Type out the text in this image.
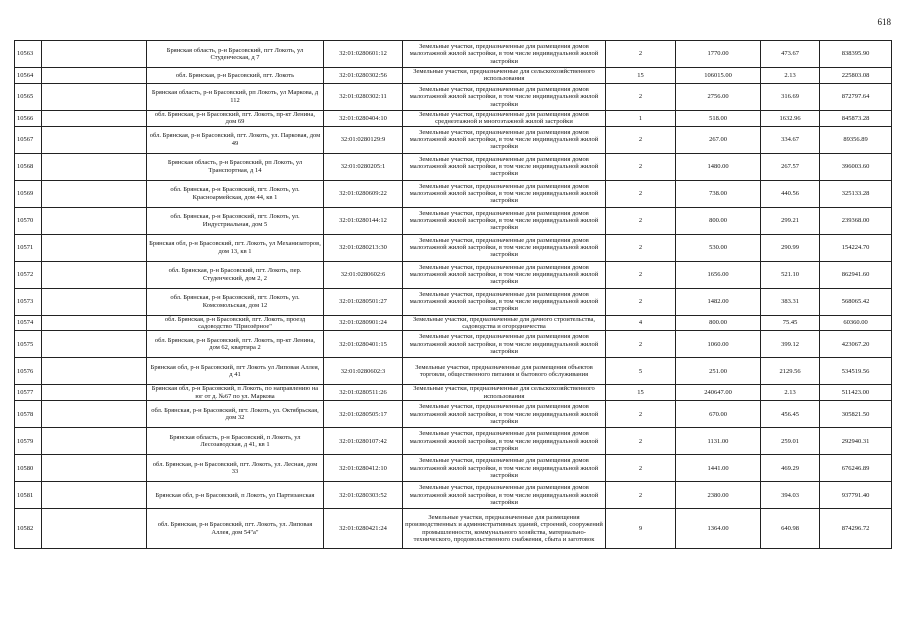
618
10563		Брянская область, р-н Брасовский, пгт Локоть, ул Студенческая, д 7	32:01:0280601:12	Земельные участки, предназначенные для размещения домов малоэтажной жилой застройки, в том числе индивидуальной жилой застройки	2	1770.00	473.67	838395.90
10564		обл. Брянская, р-н Брасовский, пгт. Локоть	32:01:0280302:56	Земельные участки, предназначенные для сельскохозяйственного использования	15	106015.00	2.13	225803.08
10565		Брянская область, р-н Брасовский, рп Локоть, ул Маркова, д 112	32:01:0280302:11	Земельные участки, предназначенные для размещения домов малоэтажной жилой застройки, в том числе индивидуальной жилой застройки	2	2756.00	316.69	872797.64
10566		обл. Брянская, р-н Брасовский, пгт. Локоть, пр-кт Ленина, дом 69	32:01:0280404:10	Земельные участки, предназначенные для размещения домов среднеэтажной и многоэтажной жилой застройки	1	518.00	1632.96	845873.28
10567		обл. Брянская, р-н Брасовский, пгт. Локоть, ул. Парковая, дом 49	32:01:0280129:9	Земельные участки, предназначенные для размещения домов малоэтажной жилой застройки, в том числе индивидуальной жилой застройки	2	267.00	334.67	89356.89
10568		Брянская область, р-н Брасовский, рп Локоть, ул Транспортная, д 14	32:01:0280205:1	Земельные участки, предназначенные для размещения домов малоэтажной жилой застройки, в том числе индивидуальной жилой застройки	2	1480.00	267.57	396003.60
10569		обл. Брянская, р-н Брасовский, пгт. Локоть, ул. Красноармейская, дом 44, кв 1	32:01:0280609:22	Земельные участки, предназначенные для размещения домов малоэтажной жилой застройки, в том числе индивидуальной жилой застройки	2	738.00	440.56	325133.28
10570		обл. Брянская, р-н Брасовский, пгт. Локоть, ул. Индустриальная, дом 5	32:01:0280144:12	Земельные участки, предназначенные для размещения домов малоэтажной жилой застройки, в том числе индивидуальной жилой застройки	2	800.00	299.21	239368.00
10571		Брянская обл, р-н Брасовский, пгт. Локоть, ул Механизаторов, дом 13, кв 1	32:01:0280213:30	Земельные участки, предназначенные для размещения домов малоэтажной жилой застройки, в том числе индивидуальной жилой застройки	2	530.00	290.99	154224.70
10572		обл. Брянская, р-н Брасовский, пгт. Локоть, пер. Студенческий, дом 2, 2	32:01:0280602:6	Земельные участки, предназначенные для размещения домов малоэтажной жилой застройки, в том числе индивидуальной жилой застройки	2	1656.00	521.10	862941.60
10573		обл. Брянская, р-н Брасовский, пгт. Локоть, ул. Комсомольская, дом 12	32:01:0280501:27	Земельные участки, предназначенные для размещения домов малоэтажной жилой застройки, в том числе индивидуальной жилой застройки	2	1482.00	383.31	568065.42
10574		обл. Брянская, р-н Брасовский, пгт. Локоть, проезд садоводство "Приозёрное"	32:01:0280901:24	Земельные участки, предназначенные для дачного строительства, садоводства и огородничества	4	800.00	75.45	60360.00
10575		обл. Брянская, р-н Брасовский, пгт. Локоть, пр-кт Ленина, дом 62, квартира 2	32:01:0280401:15	Земельные участки, предназначенные для размещения домов малоэтажной жилой застройки, в том числе индивидуальной жилой застройки	2	1060.00	399.12	423067.20
10576		Брянская обл, р-н Брасовский, пгт Локоть ул Липовая Аллея, д 41	32:01:0280602:3	Земельные участки, предназначенные для размещения объектов торговли, общественного питания и бытового обслуживания	5	251.00	2129.56	534519.56
10577		Брянская обл, р-н Брасовский, п Локоть, по направлению на юг от д. №67 по ул. Маркова	32:01:0280511:26	Земельные участки, предназначенные для сельскохозяйственного использования	15	240647.00	2.13	511423.00
10578		обл. Брянская, р-н Брасовский, пгт. Локоть, ул. Октябрьская, дом 32	32:01:0280505:17	Земельные участки, предназначенные для размещения домов малоэтажной жилой застройки, в том числе индивидуальной жилой застройки	2	670.00	456.45	305821.50
10579		Брянская область, р-н Брасовский, п Локоть, ул Лесозаводская, д 41, кв 1	32:01:0280107:42	Земельные участки, предназначенные для размещения домов малоэтажной жилой застройки, в том числе индивидуальной жилой застройки	2	1131.00	259.01	292940.31
10580		обл. Брянская, р-н Брасовский, пгт. Локоть, ул. Лесная, дом 33	32:01:0280412:10	Земельные участки, предназначенные для размещения домов малоэтажной жилой застройки, в том числе индивидуальной жилой застройки	2	1441.00	469.29	676246.89
10581		Брянская обл, р-н Брасовский, п Локоть, ул Партизанская	32:01:0280303:52	Земельные участки, предназначенные для размещения домов малоэтажной жилой застройки, в том числе индивидуальной жилой застройки	2	2380.00	394.03	937791.40
10582		обл. Брянская, р-н Брасовский, пгт. Локоть, ул. Липовая Аллея, дом 54"а"	32:01:0280421:24	Земельные участки, предназначенные для размещения производственных и административных зданий, строений, сооружений промышленности, коммунального хозяйства, материально-технического, продовольственного снабжения, сбыта и заготовок	9	1364.00	640.98	874296.72
